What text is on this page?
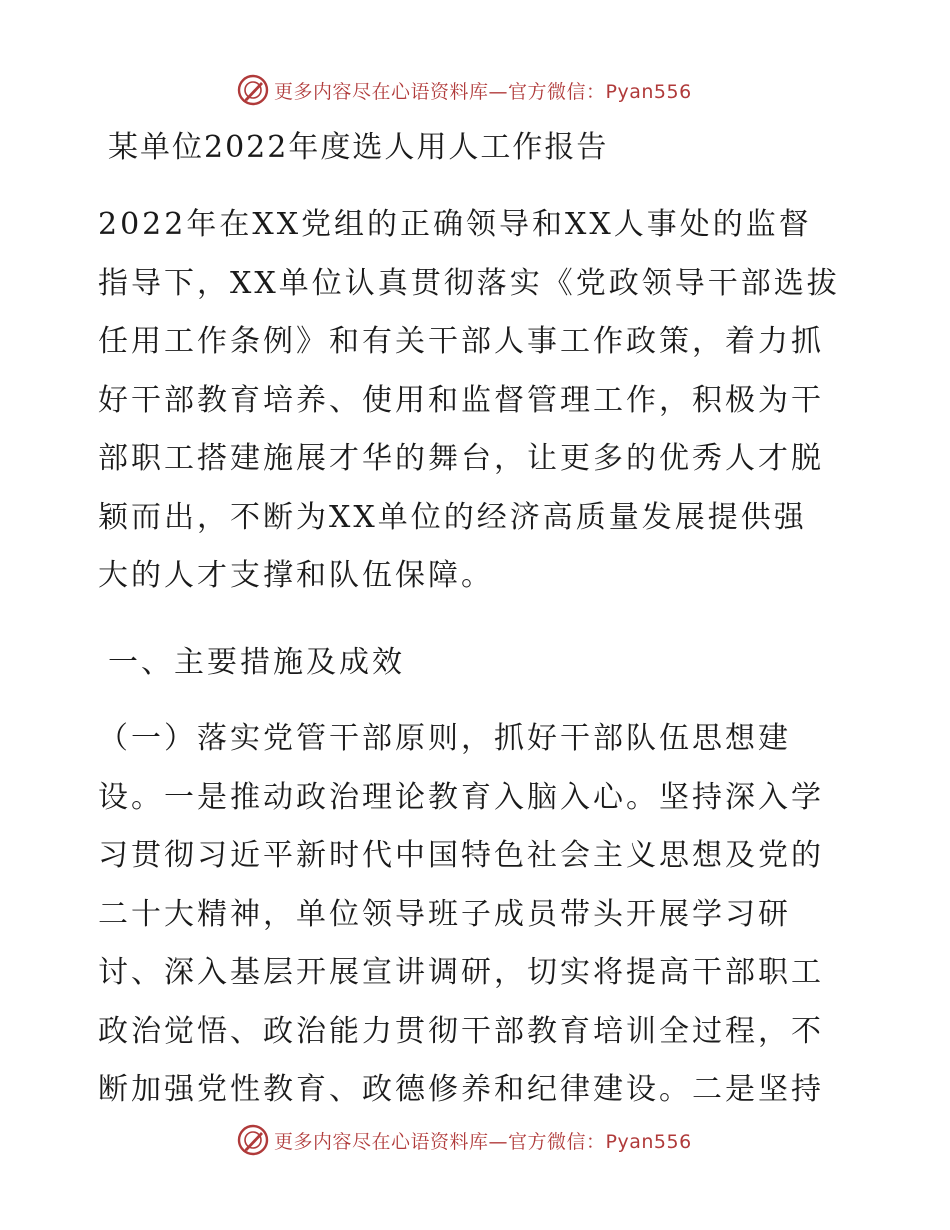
更多内容尽在心语资料库—官方微信：Pyan556
某单位2022年度选人用人工作报告
2022年在XX党组的正确领导和XX人事处的监督
指导下，XX单位认真贯彻落实《党政领导干部选拔
任用工作条例》和有关干部人事工作政策，着力抓
好干部教育培养、使用和监督管理工作，积极为干
部职工搭建施展才华的舞台，让更多的优秀人才脱
颖而出，不断为XX单位的经济高质量发展提供强
大的人才支撑和队伍保障。
一、主要措施及成效
（一）落实党管干部原则，抓好干部队伍思想建
设。一是推动政治理论教育入脑入心。坚持深入学
习贯彻习近平新时代中国特色社会主义思想及党的
二十大精神，单位领导班子成员带头开展学习研
讨、深入基层开展宣讲调研，切实将提高干部职工
政治觉悟、政治能力贯彻干部教育培训全过程，不
断加强党性教育、政德修养和纪律建设。二是坚持
更多内容尽在心语资料库—官方微信：Pyan556
